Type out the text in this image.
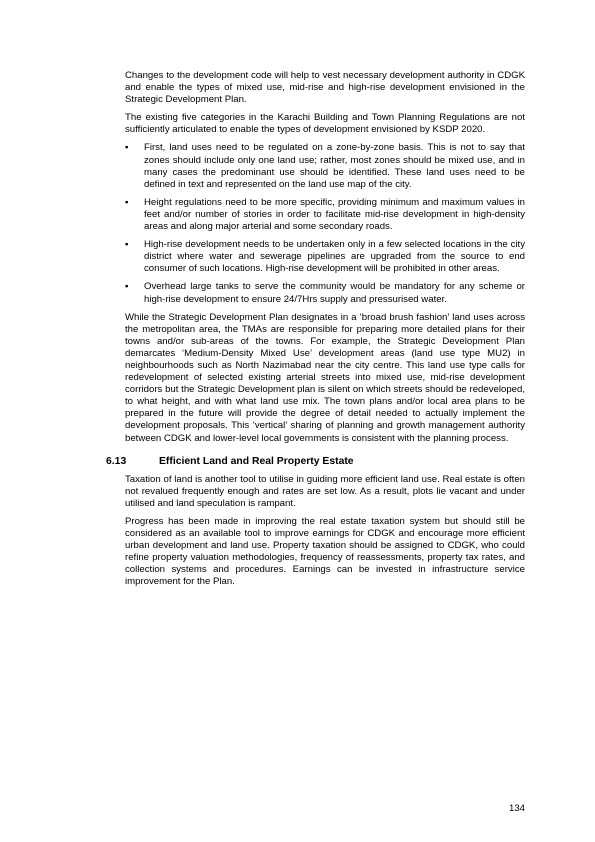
Changes to the development code will help to vest necessary development authority in CDGK and enable the types of mixed use, mid-rise and high-rise development envisioned in the Strategic Development Plan.

The existing five categories in the Karachi Building and Town Planning Regulations are not sufficiently articulated to enable the types of development envisioned by KSDP 2020.

▪ First, land uses need to be regulated on a zone-by-zone basis. This is not to say that zones should include only one land use; rather, most zones should be mixed use, and in many cases the predominant use should be identified. These land uses need to be defined in text and represented on the land use map of the city.

▪ Height regulations need to be more specific, providing minimum and maximum values in feet and/or number of stories in order to facilitate mid-rise development in high-density areas and along major arterial and some secondary roads.

▪ High-rise development needs to be undertaken only in a few selected locations in the city district where water and sewerage pipelines are upgraded from the source to end consumer of such locations. High-rise development will be prohibited in other areas.

▪ Overhead large tanks to serve the community would be mandatory for any scheme or high-rise development to ensure 24/7Hrs supply and pressurised water.

While the Strategic Development Plan designates in a ‘broad brush fashion’ land uses across the metropolitan area, the TMAs are responsible for preparing more detailed plans for their towns and/or sub-areas of the towns. For example, the Strategic Development Plan demarcates ‘Medium-Density Mixed Use’ development areas (land use type MU2) in neighbourhoods such as North Nazimabad near the city centre. This land use type calls for redevelopment of selected existing arterial streets into mixed use, mid-rise development corridors but the Strategic Development plan is silent on which streets should be redeveloped, to what height, and with what land use mix. The town plans and/or local area plans to be prepared in the future will provide the degree of detail needed to actually implement the development proposals. This ‘vertical’ sharing of planning and growth management authority between CDGK and lower-level local governments is consistent with the planning process.

6.13	Efficient Land and Real Property Estate

Taxation of land is another tool to utilise in guiding more efficient land use. Real estate is often not revalued frequently enough and rates are set low. As a result, plots lie vacant and under utilised and land speculation is rampant.

Progress has been made in improving the real estate taxation system but should still be considered as an available tool to improve earnings for CDGK and encourage more efficient urban development and land use. Property taxation should be assigned to CDGK, who could refine property valuation methodologies, frequency of reassessments, property tax rates, and collection systems and procedures. Earnings can be invested in infrastructure service improvement for the Plan.

134
